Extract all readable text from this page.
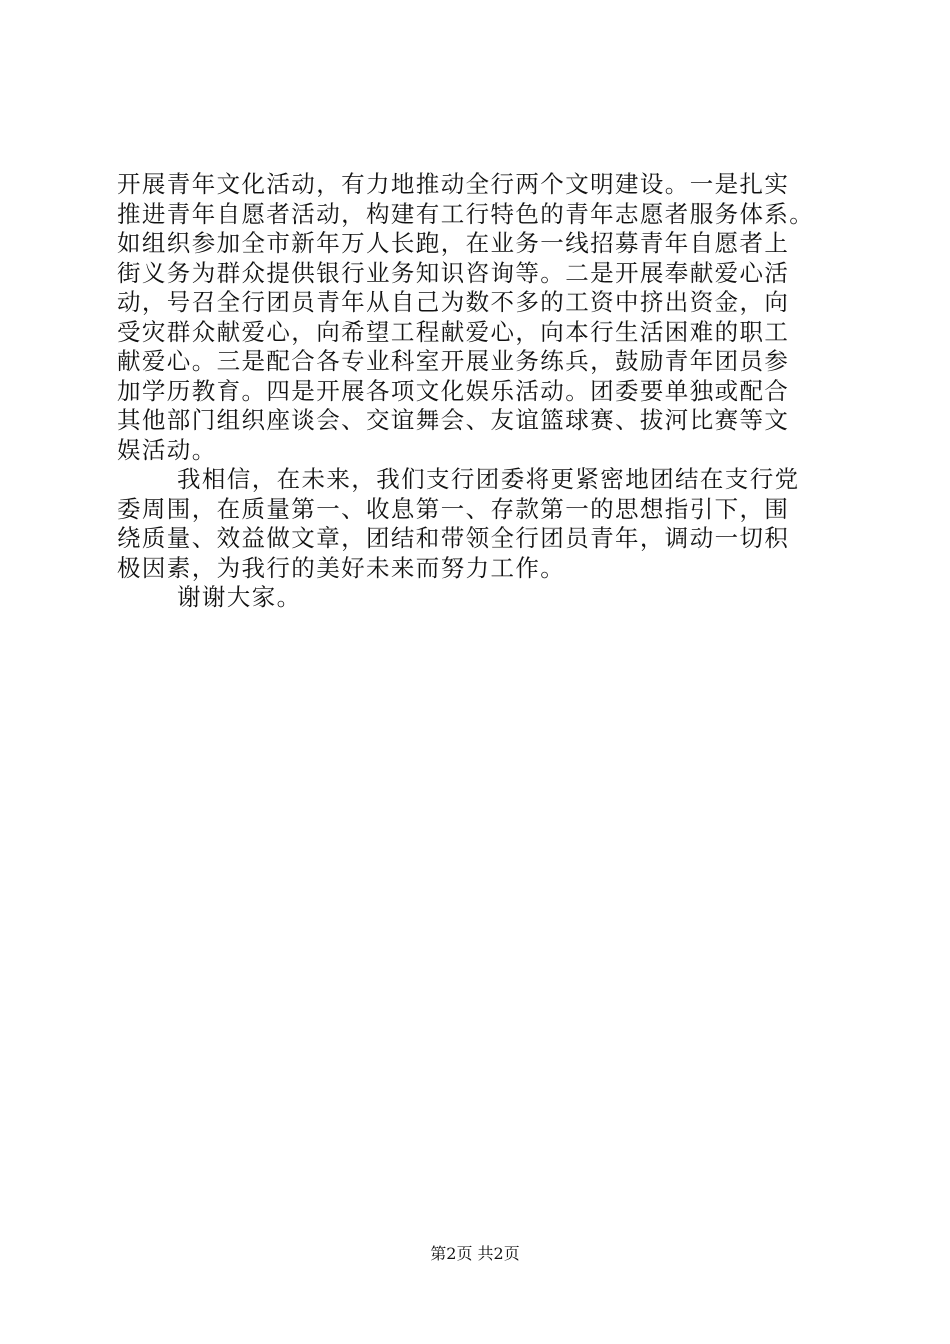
开展青年文化活动，有力地推动全行两个文明建设。一是扎实
推进青年自愿者活动，构建有工行特色的青年志愿者服务体系。
如组织参加全市新年万人长跑，在业务一线招募青年自愿者上
街义务为群众提供银行业务知识咨询等。二是开展奉献爱心活
动，号召全行团员青年从自己为数不多的工资中挤出资金，向
受灾群众献爱心，向希望工程献爱心，向本行生活困难的职工
献爱心。三是配合各专业科室开展业务练兵，鼓励青年团员参
加学历教育。四是开展各项文化娱乐活动。团委要单独或配合
其他部门组织座谈会、交谊舞会、友谊篮球赛、拔河比赛等文
娱活动。
我相信，在未来，我们支行团委将更紧密地团结在支行党
委周围，在质量第一、收息第一、存款第一的思想指引下，围
绕质量、效益做文章，团结和带领全行团员青年，调动一切积
极因素，为我行的美好未来而努力工作。
谢谢大家。
第2页 共2页
